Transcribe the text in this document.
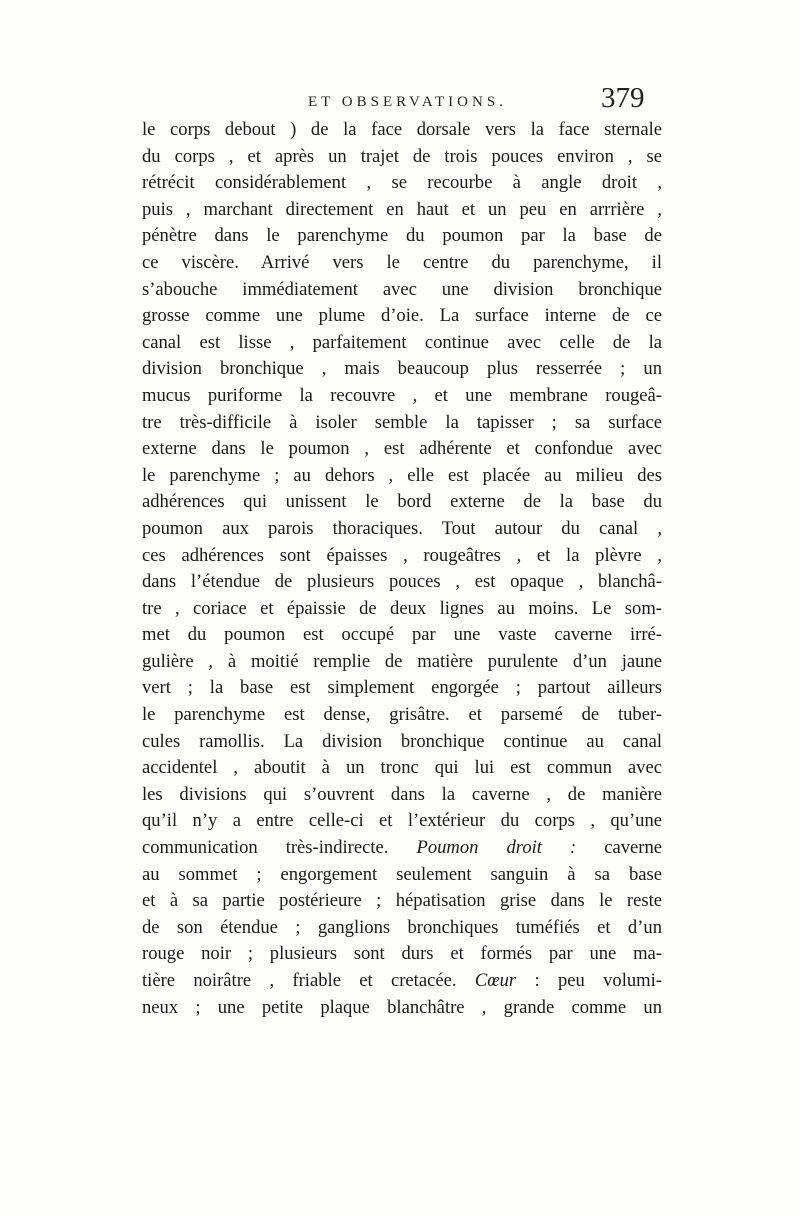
ET OBSERVATIONS.	379
le corps debout ) de la face dorsale vers la face sternale
du corps , et après un trajet de trois pouces environ , se
rétrécit considérablement , se recourbe à angle droit ,
puis , marchant directement en haut et un peu en arrrière ,
pénètre dans le parenchyme du poumon par la base de
ce viscère. Arrivé vers le centre du parenchyme, il
s’abouche immédiatement avec une division bronchique
grosse comme une plume d’oie. La surface interne de ce
canal est lisse , parfaitement continue avec celle de la
division bronchique , mais beaucoup plus resserrée ; un
mucus puriforme la recouvre , et une membrane rougeâ-
tre très-difficile à isoler semble la tapisser ; sa surface
externe dans le poumon , est adhérente et confondue avec
le parenchyme ; au dehors , elle est placée au milieu des
adhérences qui unissent le bord externe de la base du
poumon aux parois thoraciques. Tout autour du canal ,
ces adhérences sont épaisses , rougeâtres , et la plèvre ,
dans l’étendue de plusieurs pouces , est opaque , blanchâ-
tre , coriace et épaissie de deux lignes au moins. Le som-
met du poumon est occupé par une vaste caverne irré-
gulière , à moitié remplie de matière purulente d’un jaune
vert ; la base est simplement engorgée ; partout ailleurs
le parenchyme est dense, grisâtre. et parsemé de tuber-
cules ramollis. La division bronchique continue au canal
accidentel , aboutit à un tronc qui lui est commun avec
les divisions qui s’ouvrent dans la caverne , de manière
qu’il n’y a entre celle-ci et l’extérieur du corps , qu’une
communication très-indirecte. Poumon droit : caverne
au sommet ; engorgement seulement sanguin à sa base
et à sa partie postérieure ; hépatisation grise dans le reste
de son étendue ; ganglions bronchiques tuméfiés et d’un
rouge noir ; plusieurs sont durs et formés par une ma-
tière noirâtre , friable et cretacée. Cœur : peu volumi-
neux ; une petite plaque blanchâtre , grande comme un
